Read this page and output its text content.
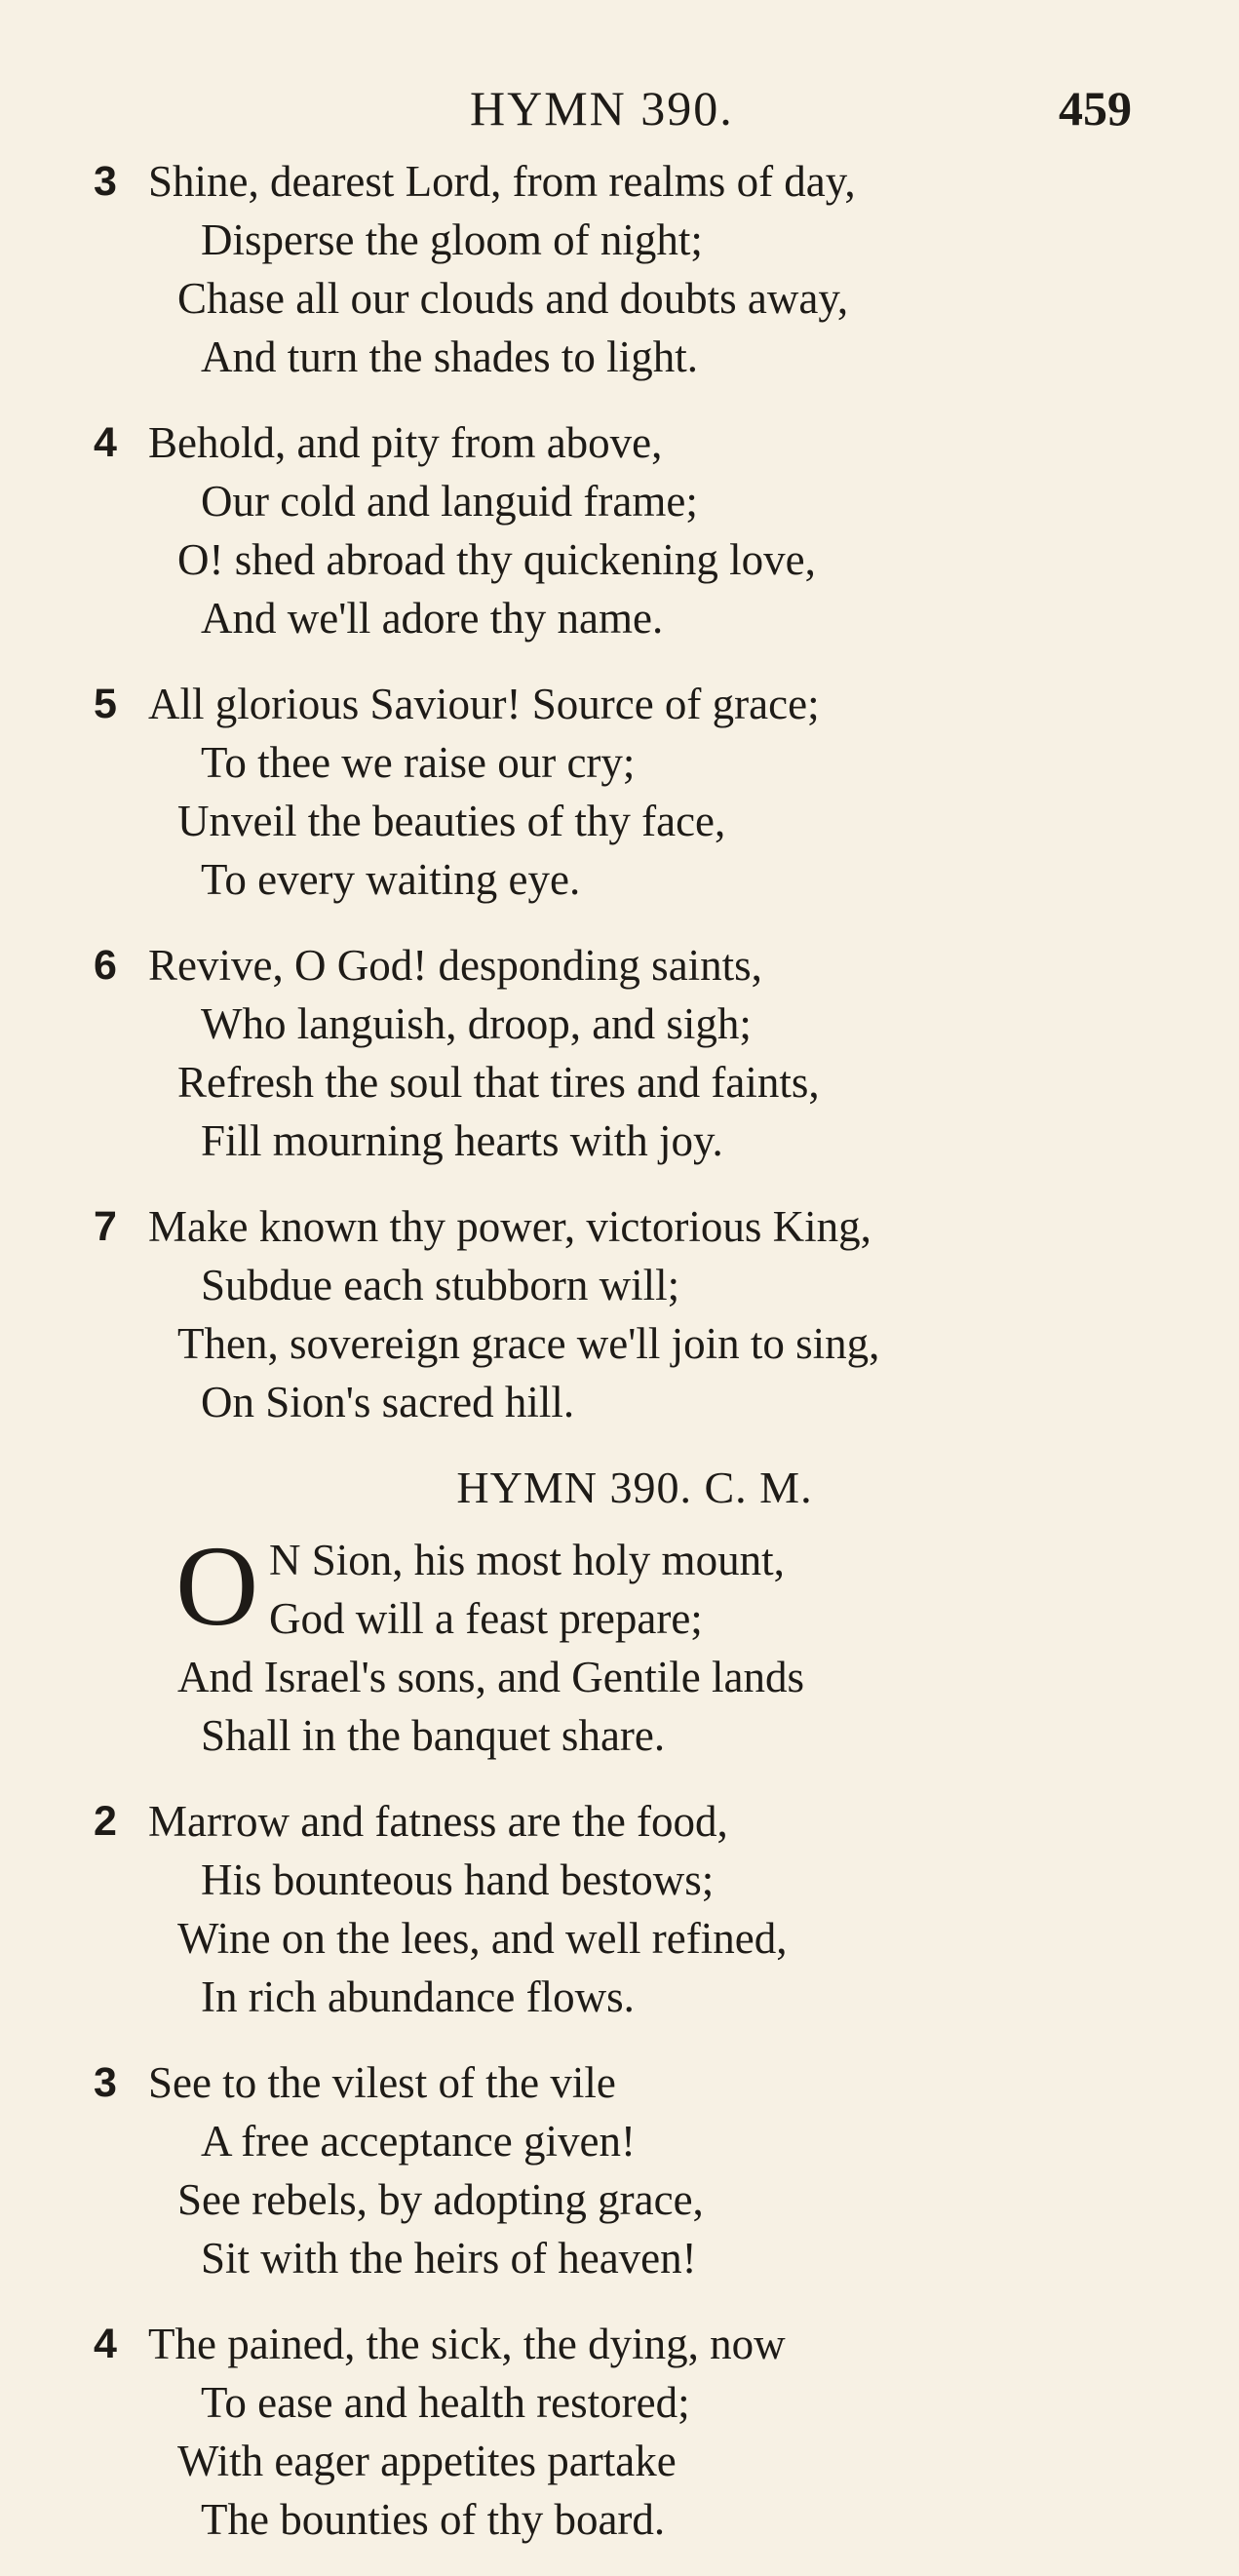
HYMN 390.	459
3 Shine, dearest Lord, from realms of day,
Disperse the gloom of night;
Chase all our clouds and doubts away,
And turn the shades to light.
4 Behold, and pity from above,
Our cold and languid frame;
O! shed abroad thy quickening love,
And we'll adore thy name.
5 All glorious Saviour! Source of grace;
To thee we raise our cry;
Unveil the beauties of thy face,
To every waiting eye.
6 Revive, O God! desponding saints,
Who languish, droop, and sigh;
Refresh the soul that tires and faints,
Fill mourning hearts with joy.
7 Make known thy power, victorious King,
Subdue each stubborn will;
Then, sovereign grace we'll join to sing,
On Sion's sacred hill.
HYMN 390. C. M.
O N Sion, his most holy mount,
God will a feast prepare;
And Israel's sons, and Gentile lands
Shall in the banquet share.
2 Marrow and fatness are the food,
His bounteous hand bestows;
Wine on the lees, and well refined,
In rich abundance flows.
3 See to the vilest of the vile
A free acceptance given!
See rebels, by adopting grace,
Sit with the heirs of heaven!
4 The pained, the sick, the dying, now
To ease and health restored;
With eager appetites partake
The bounties of thy board.
